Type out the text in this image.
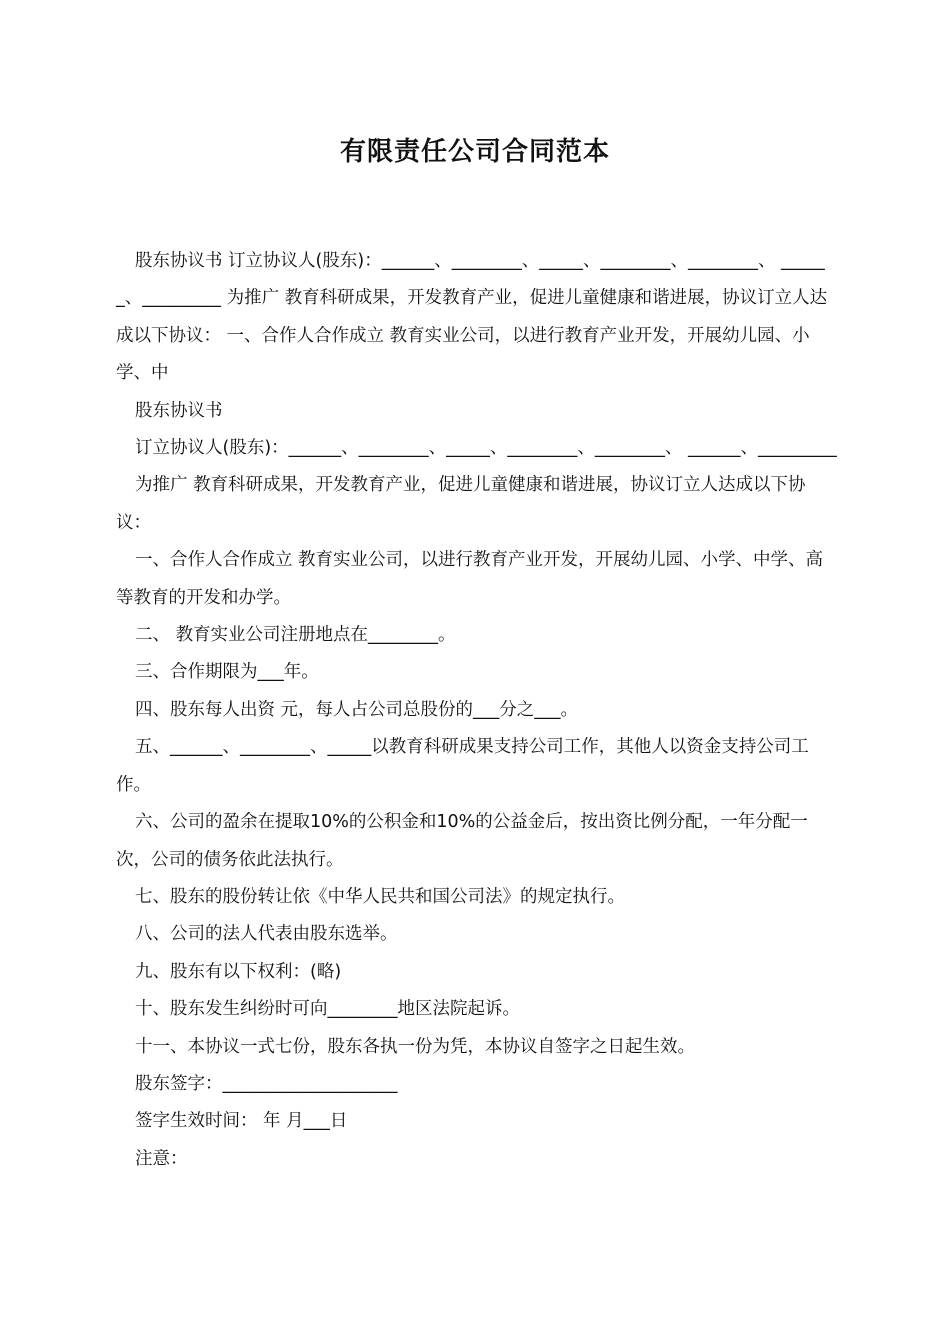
有限责任公司合同范本

股东协议书 订立协议人(股东)：______、________、_____、________、________、 ______、_________ 为推广 教育科研成果，开发教育产业，促进儿童健康和谐进展，协议订立人达成以下协议： 一、合作人合作成立 教育实业公司，以进行教育产业开发，开展幼儿园、小学、中

股东协议书

订立协议人(股东)：______、________、_____、________、________、 ______、_________

为推广 教育科研成果，开发教育产业，促进儿童健康和谐进展，协议订立人达成以下协议：

一、合作人合作成立 教育实业公司，以进行教育产业开发，开展幼儿园、小学、中学、高等教育的开发和办学。

二、 教育实业公司注册地点在________。

三、合作期限为___年。

四、股东每人出资 元，每人占公司总股份的___分之___。

五、______、________、_____以教育科研成果支持公司工作，其他人以资金支持公司工作。

六、公司的盈余在提取10%的公积金和10%的公益金后，按出资比例分配，一年分配一次，公司的债务依此法执行。

七、股东的股份转让依《中华人民共和国公司法》的规定执行。

八、公司的法人代表由股东选举。

九、股东有以下权利：(略)

十、股东发生纠纷时可向________地区法院起诉。

十一、本协议一式七份，股东各执一份为凭，本协议自签字之日起生效。

股东签字：____________________

签字生效时间： 年 月___日

注意：
